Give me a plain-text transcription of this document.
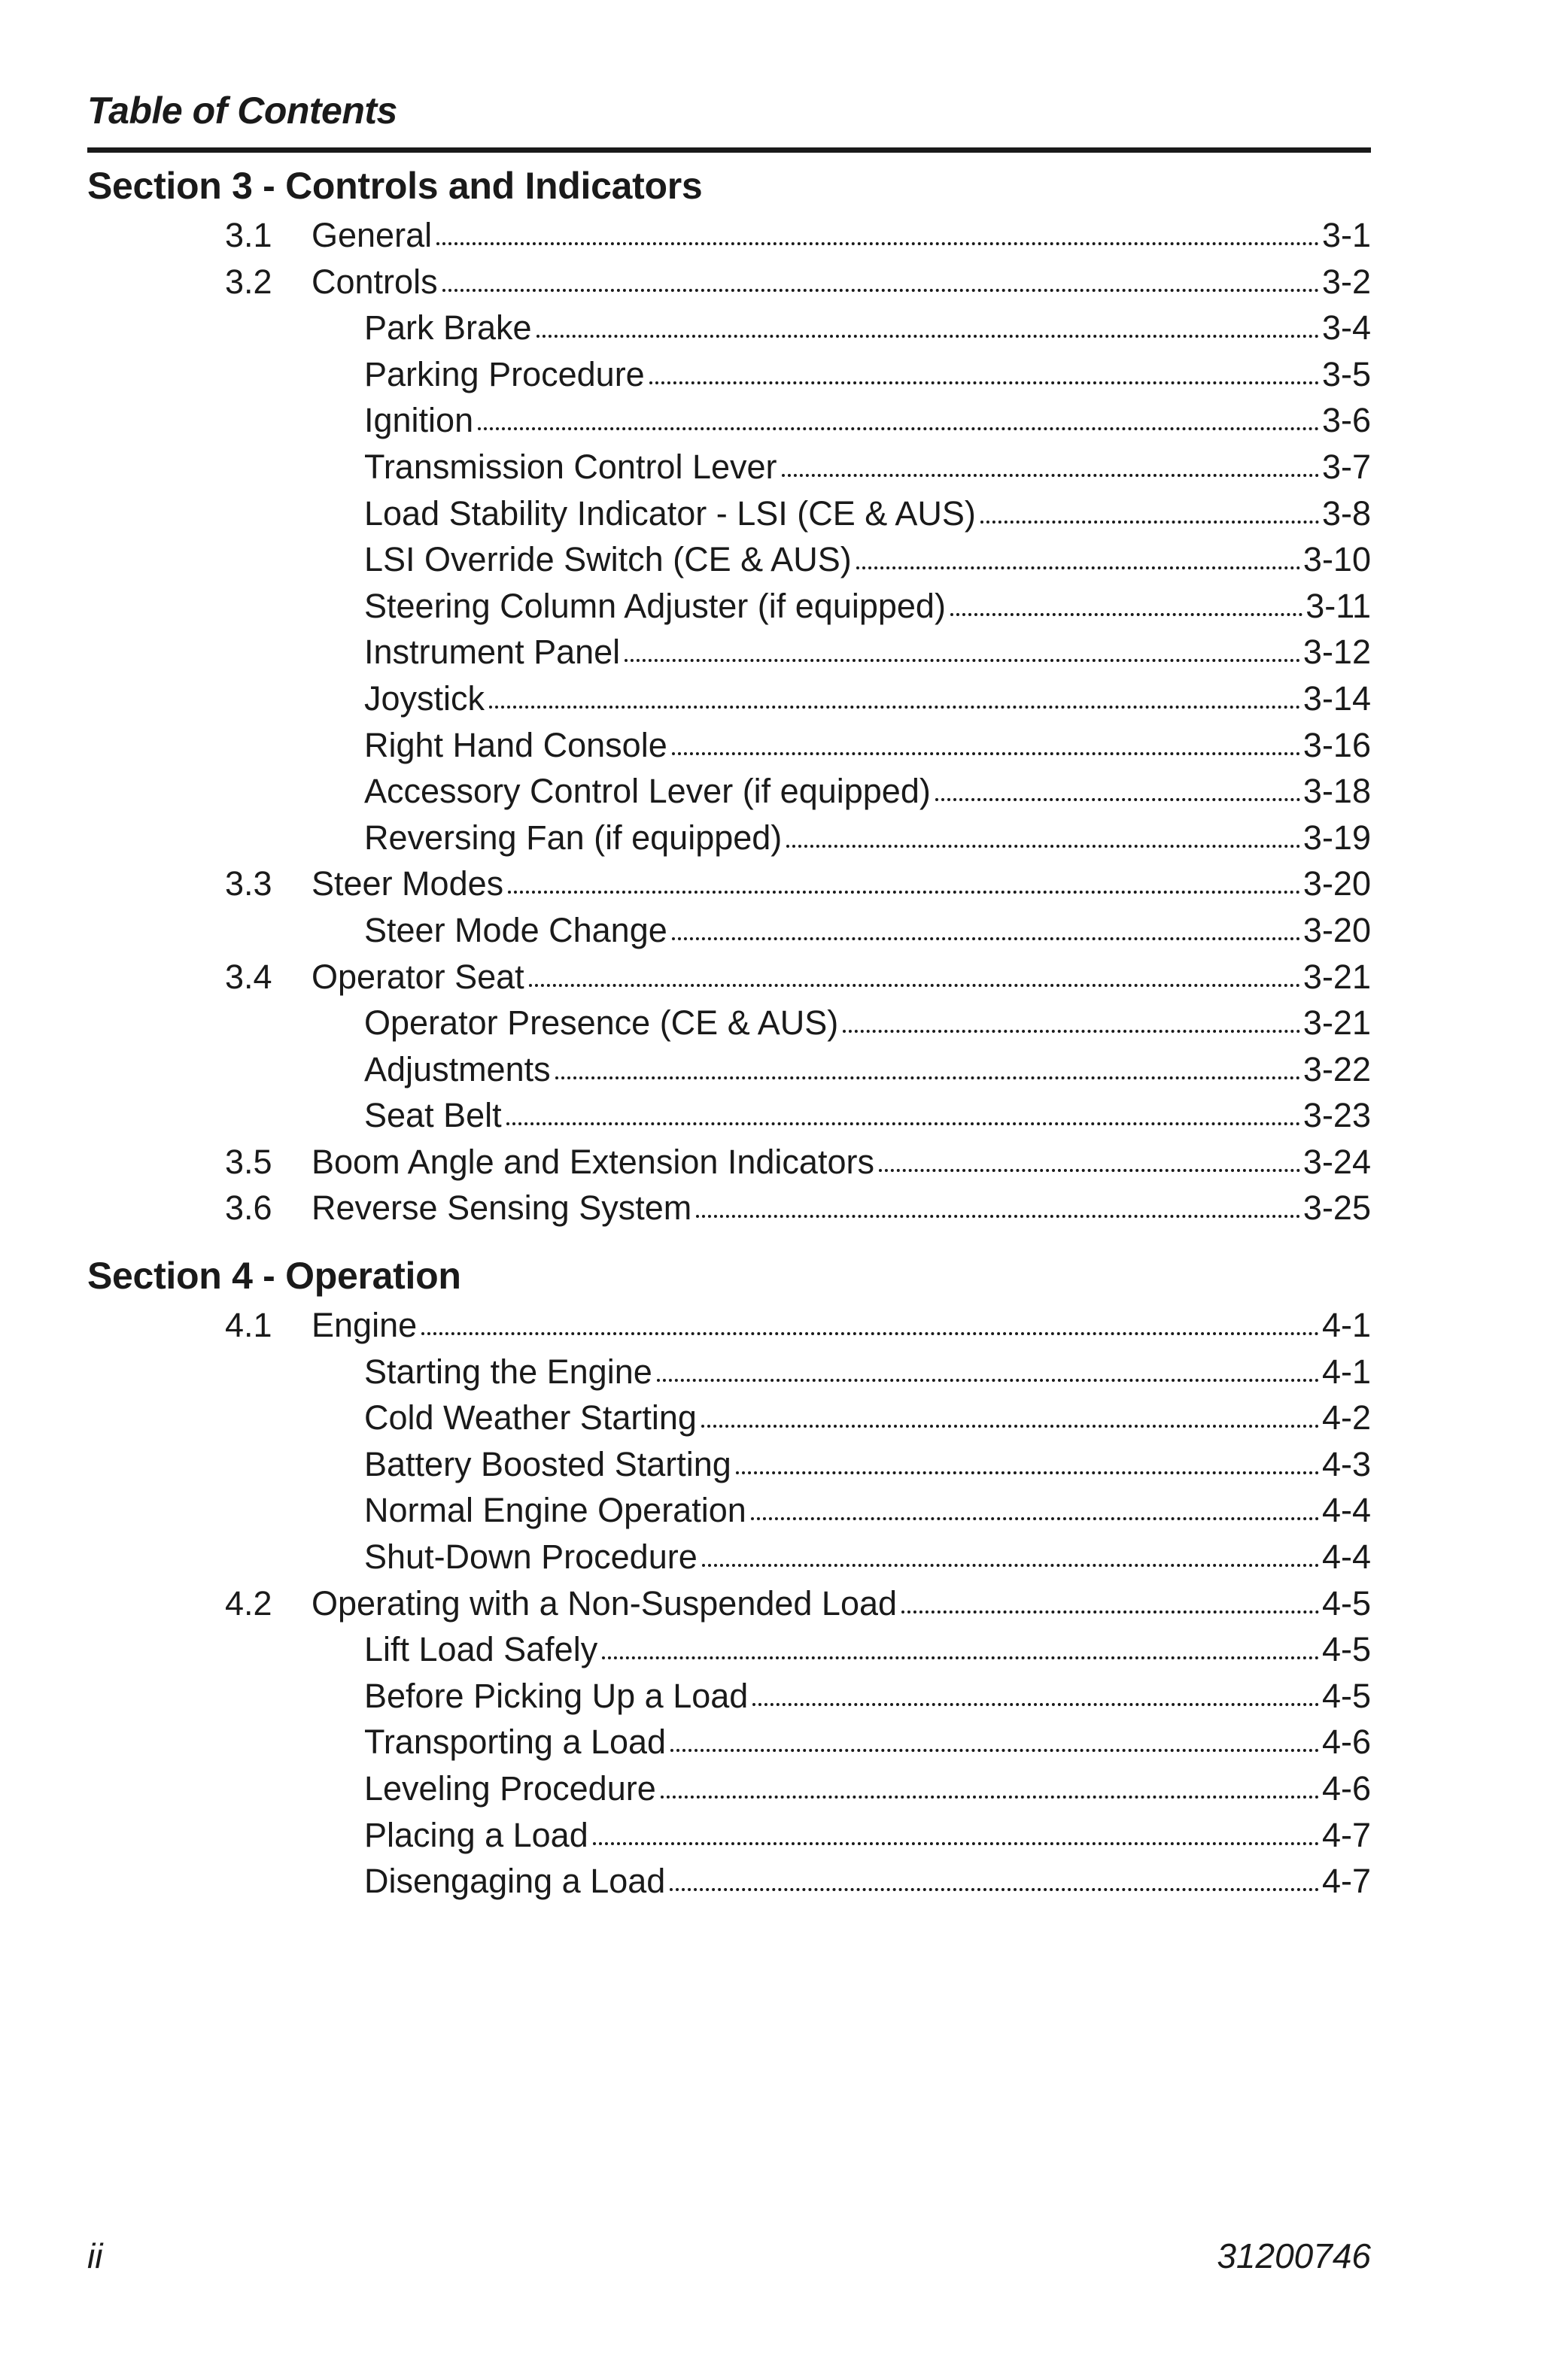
Table of Contents
Section 3 - Controls and Indicators
3.1 General	3-1
3.2 Controls	3-2
Park Brake	3-4
Parking Procedure	3-5
Ignition	3-6
Transmission Control Lever	3-7
Load Stability Indicator - LSI (CE & AUS)	3-8
LSI Override Switch (CE & AUS)	3-10
Steering Column Adjuster (if equipped)	3-11
Instrument Panel	3-12
Joystick	3-14
Right Hand Console	3-16
Accessory Control Lever (if equipped)	3-18
Reversing Fan (if equipped)	3-19
3.3 Steer Modes	3-20
Steer Mode Change	3-20
3.4 Operator Seat	3-21
Operator Presence (CE & AUS)	3-21
Adjustments	3-22
Seat Belt	3-23
3.5 Boom Angle and Extension Indicators	3-24
3.6 Reverse Sensing System	3-25
Section 4 - Operation
4.1 Engine	4-1
Starting the Engine	4-1
Cold Weather Starting	4-2
Battery Boosted Starting	4-3
Normal Engine Operation	4-4
Shut-Down Procedure	4-4
4.2 Operating with a Non-Suspended Load	4-5
Lift Load Safely	4-5
Before Picking Up a Load	4-5
Transporting a Load	4-6
Leveling Procedure	4-6
Placing a Load	4-7
Disengaging a Load	4-7
ii	31200746
